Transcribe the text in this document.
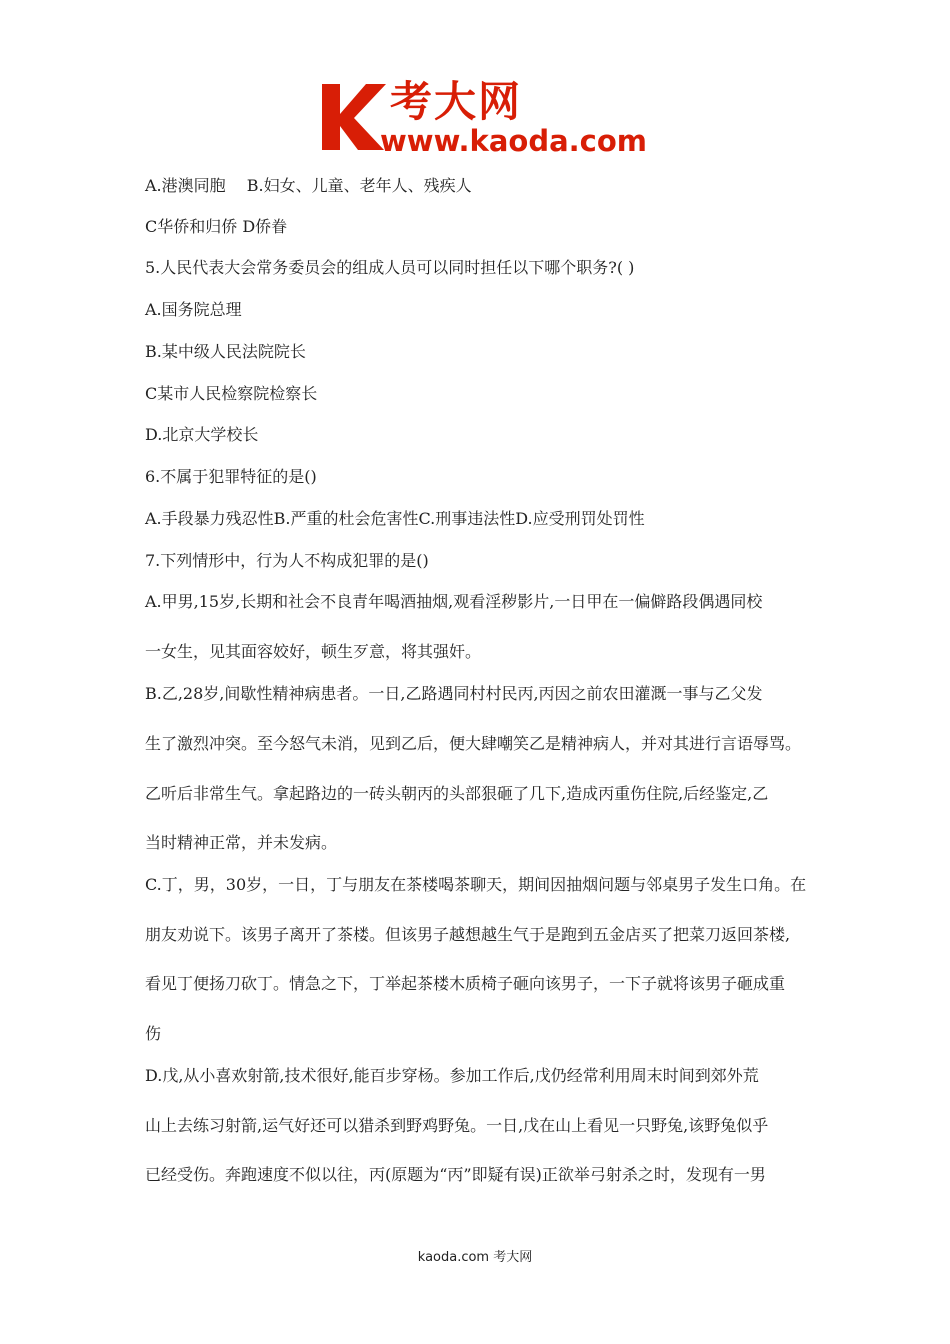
考大网
www.kaoda.com
A.港澳同胞　 B.妇女、儿童、老年人、残疾人
C华侨和归侨 D侨眷
5.人民代表大会常务委员会的组成人员可以同时担任以下哪个职务?( )
A.国务院总理
B.某中级人民法院院长
C某市人民检察院检察长
D.北京大学校长
6.不属于犯罪特征的是()
A.手段暴力残忍性B.严重的杜会危害性C.刑事违法性D.应受刑罚处罚性
7.下列情形中，行为人不构成犯罪的是()
A.甲男,15岁,长期和社会不良青年喝酒抽烟,观看淫秽影片,一日甲在一偏僻路段偶遇同校
一女生，见其面容姣好，顿生歹意，将其强奸。
B.乙,28岁,间歇性精神病患者。一日,乙路遇同村村民丙,丙因之前农田灌溉一事与乙父发
生了激烈冲突。至今怒气未消，见到乙后，便大肆嘲笑乙是精神病人，并对其进行言语辱骂。
乙听后非常生气。拿起路边的一砖头朝丙的头部狠砸了几下,造成丙重伤住院,后经鉴定,乙
当时精神正常，并未发病。
C.丁，男，30岁，一日，丁与朋友在茶楼喝茶聊天，期间因抽烟问题与邻桌男子发生口角。在
朋友劝说下。该男子离开了茶楼。但该男子越想越生气于是跑到五金店买了把菜刀返回茶楼,
看见丁便扬刀砍丁。情急之下，丁举起茶楼木质椅子砸向该男子，一下子就将该男子砸成重
伤
D.戊,从小喜欢射箭,技术很好,能百步穿杨。参加工作后,戊仍经常利用周末时间到郊外荒
山上去练习射箭,运气好还可以猎杀到野鸡野兔。一日,戊在山上看见一只野兔,该野兔似乎
已经受伤。奔跑速度不似以往，丙(原题为“丙”即疑有误)正欲举弓射杀之时，发现有一男
kaoda.com 考大网
